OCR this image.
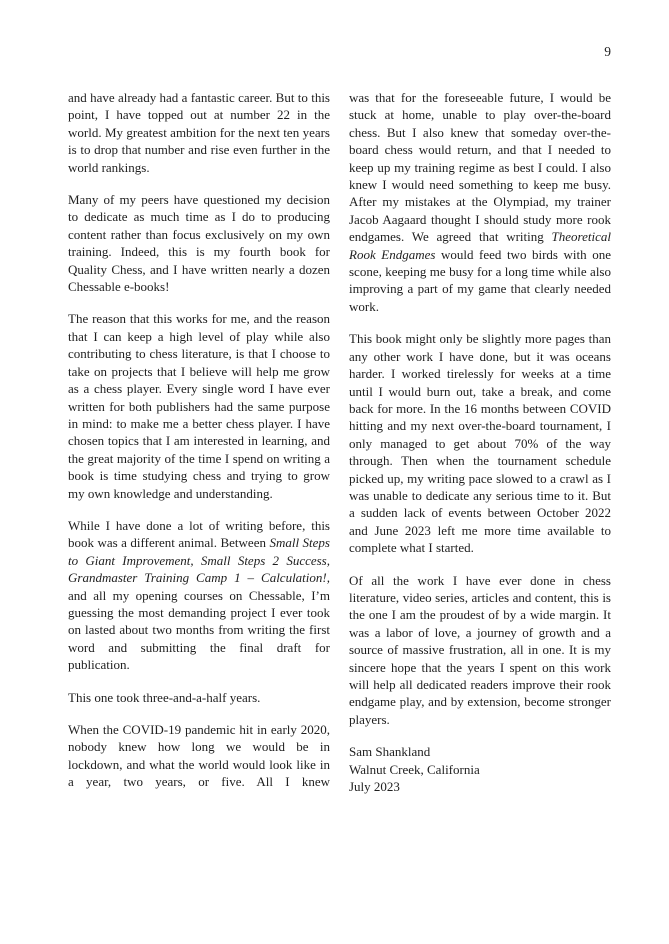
9

and have already had a fantastic career. But to this point, I have topped out at number 22 in the world. My greatest ambition for the next ten years is to drop that number and rise even further in the world rankings.

Many of my peers have questioned my decision to dedicate as much time as I do to producing content rather than focus exclusively on my own training. Indeed, this is my fourth book for Quality Chess, and I have written nearly a dozen Chessable e-books!

The reason that this works for me, and the reason that I can keep a high level of play while also contributing to chess literature, is that I choose to take on projects that I believe will help me grow as a chess player. Every single word I have ever written for both publishers had the same purpose in mind: to make me a better chess player. I have chosen topics that I am interested in learning, and the great majority of the time I spend on writing a book is time studying chess and trying to grow my own knowledge and understanding.

While I have done a lot of writing before, this book was a different animal. Between Small Steps to Giant Improvement, Small Steps 2 Success, Grandmaster Training Camp 1 – Calculation!, and all my opening courses on Chessable, I’m guessing the most demanding project I ever took on lasted about two months from writing the first word and submitting the final draft for publication.

This one took three-and-a-half years.

When the COVID-19 pandemic hit in early 2020, nobody knew how long we would be in lockdown, and what the world would look like in a year, two years, or five. All I knew

was that for the foreseeable future, I would be stuck at home, unable to play over-the-board chess. But I also knew that someday over-the-board chess would return, and that I needed to keep up my training regime as best I could. I also knew I would need something to keep me busy. After my mistakes at the Olympiad, my trainer Jacob Aagaard thought I should study more rook endgames. We agreed that writing Theoretical Rook Endgames would feed two birds with one scone, keeping me busy for a long time while also improving a part of my game that clearly needed work.

This book might only be slightly more pages than any other work I have done, but it was oceans harder. I worked tirelessly for weeks at a time until I would burn out, take a break, and come back for more. In the 16 months between COVID hitting and my next over-the-board tournament, I only managed to get about 70% of the way through. Then when the tournament schedule picked up, my writing pace slowed to a crawl as I was unable to dedicate any serious time to it. But a sudden lack of events between October 2022 and June 2023 left me more time available to complete what I started.

Of all the work I have ever done in chess literature, video series, articles and content, this is the one I am the proudest of by a wide margin. It was a labor of love, a journey of growth and a source of massive frustration, all in one. It is my sincere hope that the years I spent on this work will help all dedicated readers improve their rook endgame play, and by extension, become stronger players.

Sam Shankland
Walnut Creek, California
July 2023
